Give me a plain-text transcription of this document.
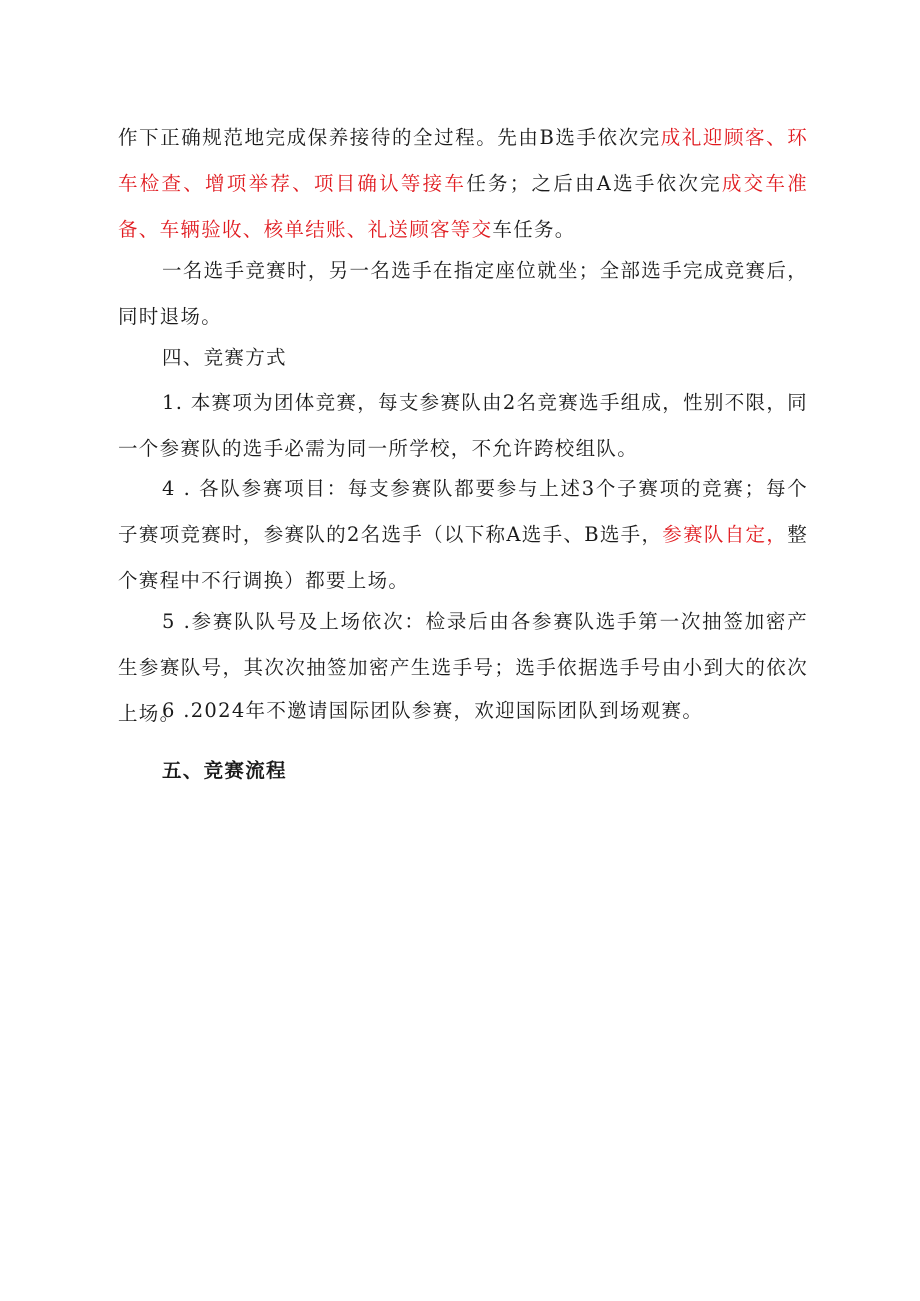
作下正确规范地完成保养接待的全过程。先由B选手依次完成礼迎顾客、环车检查、增项举荐、项目确认等接车任务；之后由A选手依次完成交车准备、车辆验收、核单结账、礼送顾客等交车任务。
一名选手竞赛时，另一名选手在指定座位就坐；全部选手完成竞赛后，同时退场。
四、竞赛方式
1. 本赛项为团体竞赛，每支参赛队由2名竞赛选手组成，性别不限，同一个参赛队的选手必需为同一所学校，不允许跨校组队。
4 . 各队参赛项目：每支参赛队都要参与上述3个子赛项的竞赛；每个子赛项竞赛时，参赛队的2名选手（以下称A选手、B选手，参赛队自定，整个赛程中不行调换）都要上场。
5 .参赛队队号及上场依次：检录后由各参赛队选手第一次抽签加密产生参赛队号，其次次抽签加密产生选手号；选手依据选手号由小到大的依次上场。
6 .2024年不邀请国际团队参赛，欢迎国际团队到场观赛。
五、竞赛流程
